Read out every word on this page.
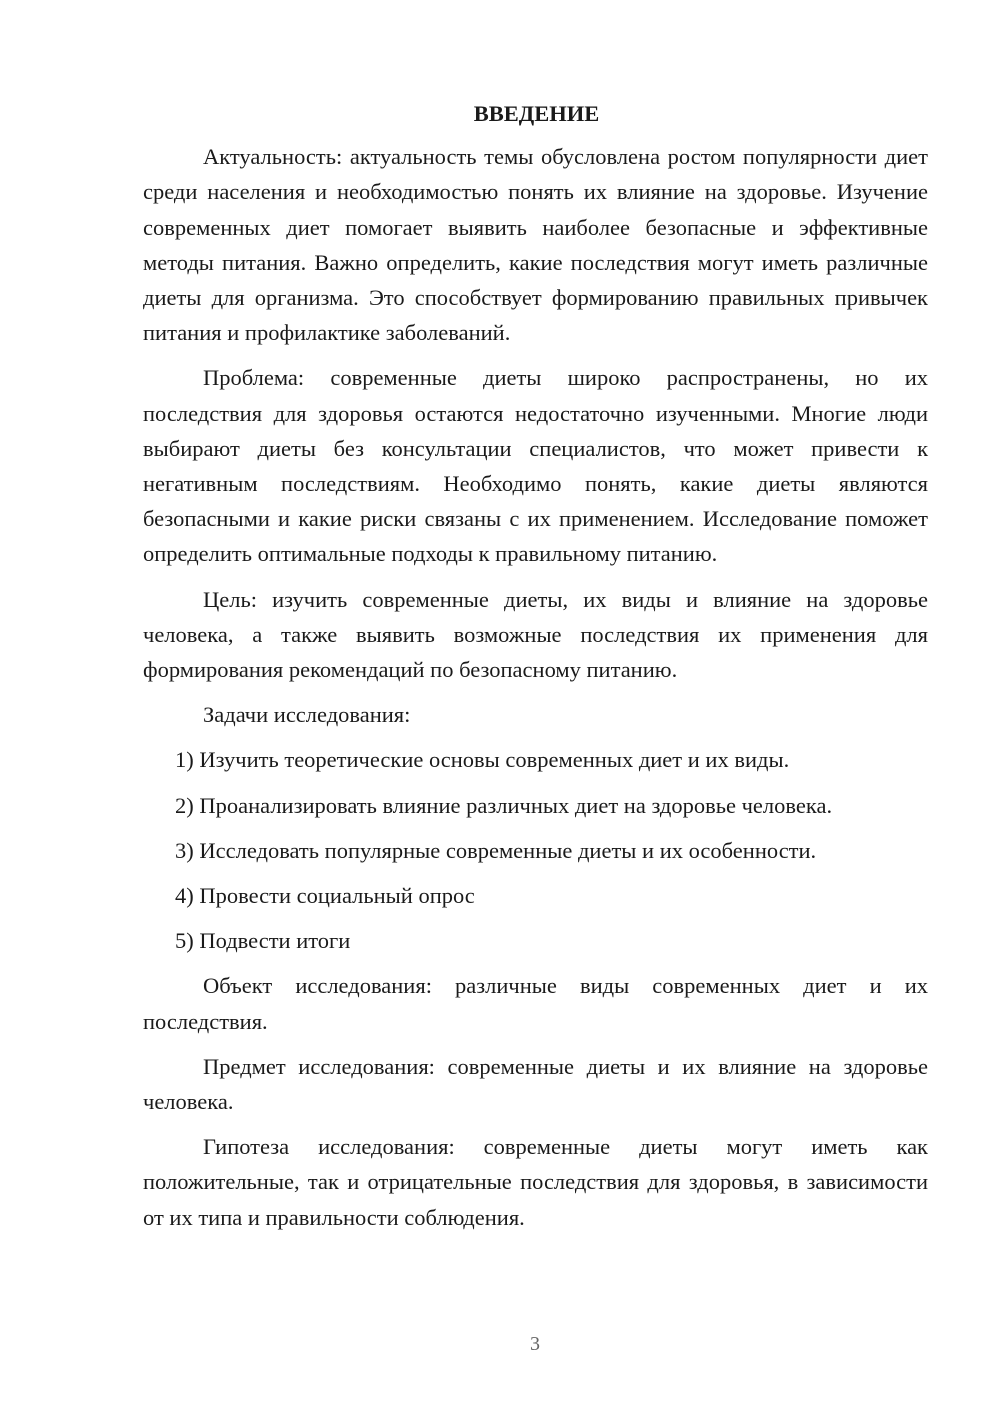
ВВЕДЕНИЕ

Актуальность: актуальность темы обусловлена ростом популярности диет среди населения и необходимостью понять их влияние на здоровье. Изучение современных диет помогает выявить наиболее безопасные и эффективные методы питания. Важно определить, какие последствия могут иметь различные диеты для организма. Это способствует формированию правильных привычек питания и профилактике заболеваний.

Проблема: современные диеты широко распространены, но их последствия для здоровья остаются недостаточно изученными. Многие люди выбирают диеты без консультации специалистов, что может привести к негативным последствиям. Необходимо понять, какие диеты являются безопасными и какие риски связаны с их применением. Исследование поможет определить оптимальные подходы к правильному питанию.

Цель: изучить современные диеты, их виды и влияние на здоровье человека, а также выявить возможные последствия их применения для формирования рекомендаций по безопасному питанию.

Задачи исследования:

1) Изучить теоретические основы современных диет и их виды.
2) Проанализировать влияние различных диет на здоровье человека.
3) Исследовать популярные современные диеты и их особенности.
4) Провести социальный опрос
5) Подвести итоги

Объект исследования: различные виды современных диет и их последствия.

Предмет исследования: современные диеты и их влияние на здоровье человека.

Гипотеза исследования: современные диеты могут иметь как положительные, так и отрицательные последствия для здоровья, в зависимости от их типа и правильности соблюдения.

3
